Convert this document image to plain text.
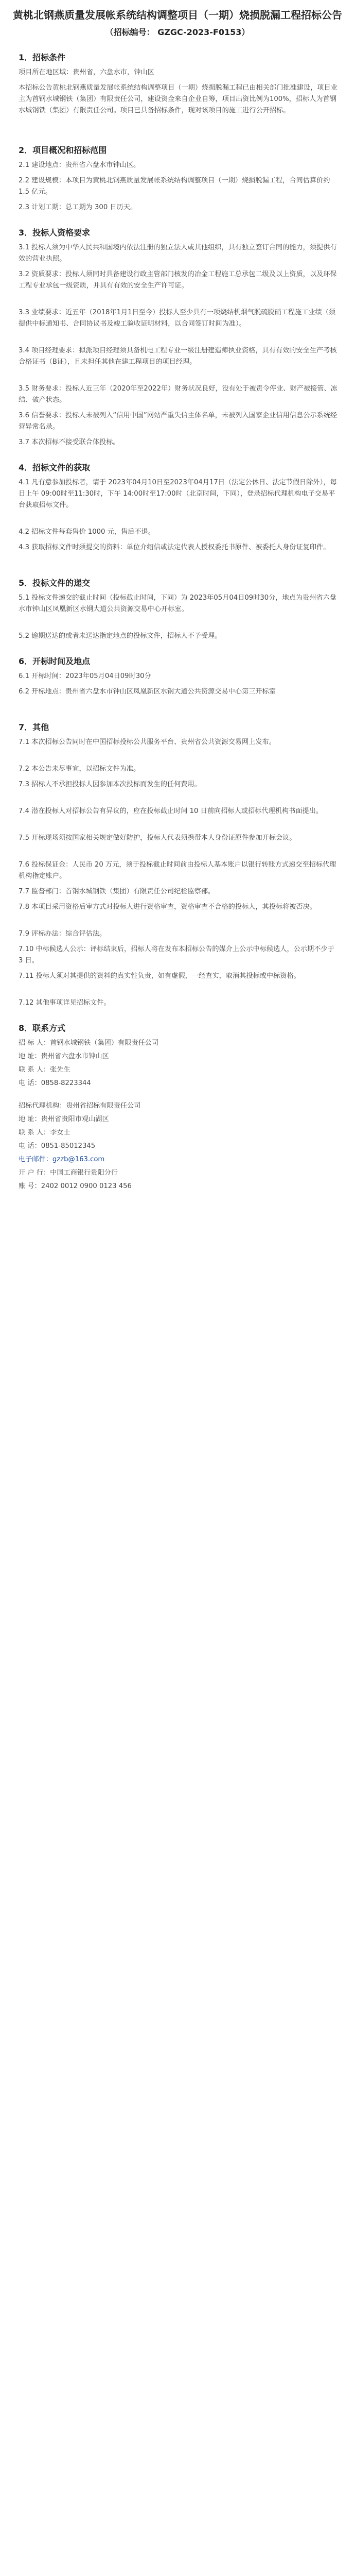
黄桃北钢燕质量发展帐系统结构调整项目（一期）烧损脱漏工程招标公告
（招标编号： GZGC-2023-F0153）
1．招标条件
项目所在地区域：贵州省，六盘水市，钟山区
本招标公告黄桃北钢燕质量发展帐系统结构调整项目（一期）烧损脱漏工程已由相关部门批准建设，项目业主为首钢水城钢铁（集团）有限责任公司，建设资金来自企业自筹，项目出资比例为100%，招标人为首钢水城钢铁（集团）有限责任公司。项目已具备招标条件，现对该项目的施工进行公开招标。
2．项目概况和招标范围
2.1 建设地点：贵州省六盘水市钟山区。
2.2 建设规模：本项目为黄桃北钢燕质量发展帐系统结构调整项目（一期）烧损脱漏工程，合同估算价约 1.5 亿元。
2.3 计划工期：总工期为 300 日历天。
3．投标人资格要求
3.1 投标人须为中华人民共和国境内依法注册的独立法人或其他组织，具有独立签订合同的能力，须提供有效的营业执照。
3.2 资质要求：投标人须同时具备建设行政主管部门核发的冶金工程施工总承包二级及以上资质，以及环保工程专业承包一级资质，并具有有效的安全生产许可证。
3.3 业绩要求：近五年（2018年1月1日至今）投标人至少具有一项烧结机烟气脱硫脱硝工程施工业绩（须提供中标通知书、合同协议书及竣工验收证明材料，以合同签订时间为准）。
3.4 项目经理要求：拟派项目经理须具备机电工程专业一级注册建造师执业资格，具有有效的安全生产考核合格证书（B证），且未担任其他在建工程项目的项目经理。
3.5 财务要求：投标人近三年（2020年至2022年）财务状况良好，没有处于被责令停业、财产被接管、冻结、破产状态。
3.6 信誉要求：投标人未被列入“信用中国”网站严重失信主体名单，未被列入国家企业信用信息公示系统经营异常名录。
3.7 本次招标不接受联合体投标。
4．招标文件的获取
4.1 凡有意参加投标者，请于 2023年04月10日至2023年04月17日（法定公休日、法定节假日除外），每日上午 09:00时至11:30时，下午 14:00时至17:00时（北京时间，下同），登录招标代理机构电子交易平台获取招标文件。
4.2 招标文件每套售价 1000 元，售后不退。
4.3 获取招标文件时须提交的资料：单位介绍信或法定代表人授权委托书原件、被委托人身份证复印件。
5．投标文件的递交
5.1 投标文件递交的截止时间（投标截止时间，下同）为 2023年05月04日09时30分，地点为贵州省六盘水市钟山区凤凰新区水钢大道公共资源交易中心开标室。
5.2 逾期送达的或者未送达指定地点的投标文件，招标人不予受理。
6．开标时间及地点
6.1 开标时间：2023年05月04日09时30分
6.2 开标地点：贵州省六盘水市钟山区凤凰新区水钢大道公共资源交易中心第三开标室
7．其他
7.1 本次招标公告同时在中国招标投标公共服务平台、贵州省公共资源交易网上发布。
7.2 本公告未尽事宜，以招标文件为准。
7.3 招标人不承担投标人因参加本次投标而发生的任何费用。
7.4 潜在投标人对招标公告有异议的，应在投标截止时间 10 日前向招标人或招标代理机构书面提出。
7.5 开标现场须按国家相关规定做好防护，投标人代表须携带本人身份证原件参加开标会议。
7.6 投标保证金：人民币 20 万元，须于投标截止时间前由投标人基本账户以银行转账方式递交至招标代理机构指定账户。
7.7 监督部门：首钢水城钢铁（集团）有限责任公司纪检监察部。
7.8 本项目采用资格后审方式对投标人进行资格审查，资格审查不合格的投标人，其投标将被否决。
7.9 评标办法：综合评估法。
7.10 中标候选人公示：评标结束后，招标人将在发布本招标公告的媒介上公示中标候选人，公示期不少于 3 日。
7.11 投标人须对其提供的资料的真实性负责，如有虚假，一经查实，取消其投标或中标资格。
7.12 其他事项详见招标文件。
8．联系方式
招 标 人：首钢水城钢铁（集团）有限责任公司
地 址：贵州省六盘水市钟山区
联 系 人：张先生
电 话：0858-8223344
招标代理机构：贵州省招标有限责任公司
地 址：贵州省贵阳市观山湖区
联 系 人：李女士
电 话：0851-85012345
电子邮件：gzzb@163.com
开 户 行：中国工商银行贵阳分行
账 号：2402 0012 0900 0123 456
